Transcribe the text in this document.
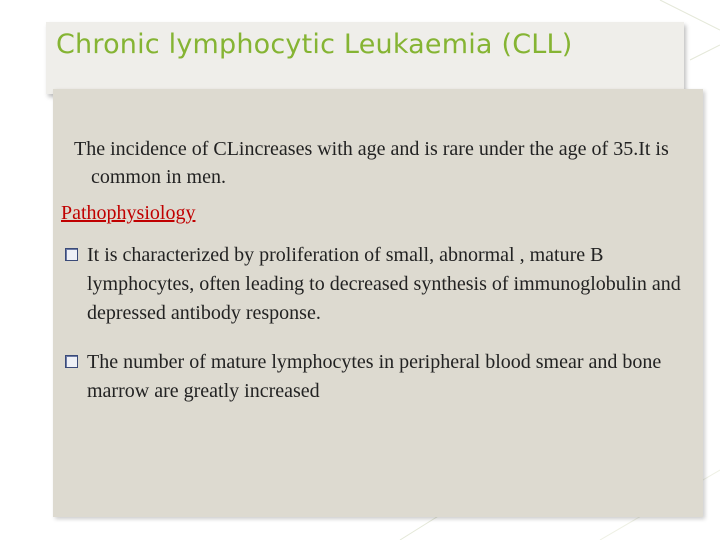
Chronic lymphocytic Leukaemia (CLL)

The incidence of CLincreases with age and is rare under the age of 35.It is common in men.

Pathophysiology

It is characterized by proliferation of small, abnormal , mature B lymphocytes, often leading to decreased synthesis of immunoglobulin and depressed antibody response.
The number of mature lymphocytes in peripheral blood smear and bone marrow are greatly increased
